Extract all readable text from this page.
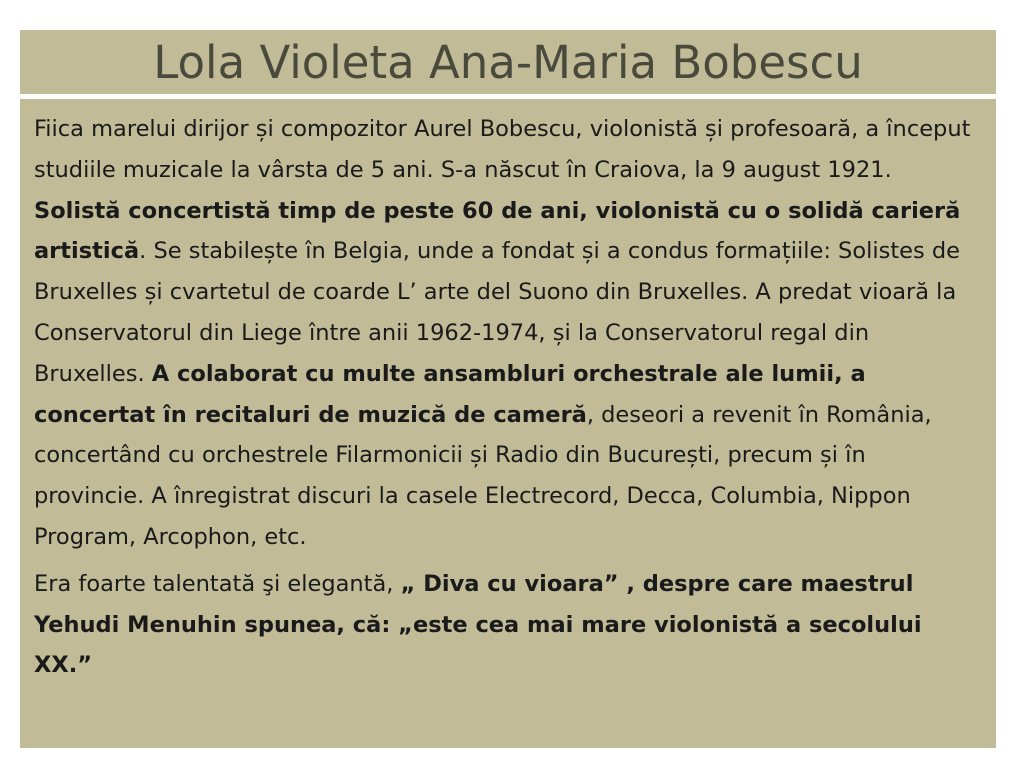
Lola Violeta Ana-Maria Bobescu

Fiica marelui dirijor și compozitor Aurel Bobescu, violonistă și profesoară, a început studiile muzicale la vârsta de 5 ani. S-a născut în Craiova, la 9 august 1921. Solistă concertistă timp de peste 60 de ani, violonistă cu o solidă carieră artistică. Se stabilește în Belgia, unde a fondat și a condus formațiile: Solistes de Bruxelles și cvartetul de coarde L’ arte del Suono din Bruxelles. A predat vioară la Conservatorul din Liege între anii 1962-1974, și la Conservatorul regal din Bruxelles. A colaborat cu multe ansambluri orchestrale ale lumii, a concertat în recitaluri de muzică de cameră, deseori a revenit în România, concertând cu orchestrele Filarmonicii și Radio din București, precum și în provincie. A înregistrat discuri la casele Electrecord, Decca, Columbia, Nippon Program, Arcophon, etc.

Era foarte talentată şi elegantă, „ Diva cu vioara” , despre care maestrul Yehudi Menuhin spunea, că: „este cea mai mare violonistă a secolului XX.”
